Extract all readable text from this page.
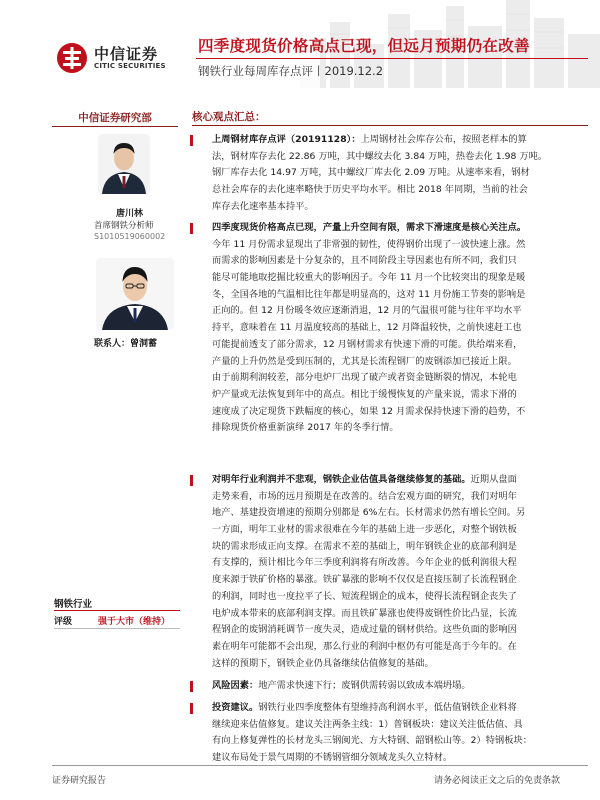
中信证券
CITIC SECURITIES
四季度现货价格高点已现，但远月预期仍在改善
钢铁行业每周库存点评丨2019.12.2
中信证券研究部
唐川林
首席钢铁分析师
S1010519060002
联系人：曾洞蓄
钢铁行业
评级	强于大市（维持）
核心观点汇总：
上周钢材库存点评（20191128）：上周钢材社会库存公布，按照老样本的算
法，钢材库存去化 22.86 万吨，其中螺纹去化 3.84 万吨，热卷去化 1.98 万吨。
钢厂库存去化 14.97 万吨，其中螺纹厂库去化 2.09 万吨。从速率来看，钢材
总社会库存的去化速率略快于历史平均水平。相比 2018 年同期，当前的社会
库存去化速率基本持平。
四季度现货价格高点已现，产量上升空间有限，需求下滑速度是核心关注点。
今年 11 月份需求显现出了非常强的韧性，使得钢价出现了一波快速上涨。然
而需求的影响因素是十分复杂的，且不同阶段主导因素也有所不同，我们只
能尽可能地取挖掘比较重大的影响因子。今年 11 月一个比较突出的现象是暖
冬，全国各地的气温相比往年都是明显高的，这对 11 月份施工节奏的影响是
正向的。但 12 月份暖冬效应逐渐消退，12 月的气温很可能与往年平均水平
持平，意味着在 11 月温度较高的基础上，12 月降温较快，之前快速赶工也
可能提前透支了部分需求，12 月钢材需求有快速下滑的可能。供给端来看，
产量的上升仍然是受到压制的，尤其是长流程钢厂的废钢添加已接近上限。
由于前期利润较差，部分电炉厂出现了破产或者资金链断裂的情况，本轮电
炉产量或无法恢复到年中的高点。相比于缓慢恢复的产量来说，需求下滑的
速度成了决定现货下跌幅度的核心，如果 12 月需求保持快速下滑的趋势，不
排除现货价格重新演绎 2017 年的冬季行情。
对明年行业利润并不悲观，钢铁企业估值具备继续修复的基础。近期从盘面
走势来看，市场的远月预期是在改善的。结合宏观方面的研究，我们对明年
地产、基建投资增速的预期分别都是 6%左右。长材需求仍然有增长空间。另
一方面，明年工业材的需求很难在今年的基础上进一步恶化，对整个钢铁板
块的需求形成正向支撑。在需求不差的基础上，明年钢铁企业的底部利润是
有支撑的，预计相比今年三季度利润将有所改善。今年企业的低利润很大程
度来源于铁矿价格的暴涨。铁矿暴涨的影响不仅仅是直接压制了长流程钢企
的利润，同时也一度拉平了长、短流程钢企的成本，使得长流程钢企丧失了
电炉成本带来的底部利润支撑。而且铁矿暴涨也使得废钢性价比凸显，长流
程钢企的废钢消耗调节一度失灵，造成过量的钢材供给。这些负面的影响因
素在明年可能都不会出现，那么行业的利润中枢仍有可能是高于今年的。在
这样的预期下，钢铁企业仍具备继续估值修复的基础。
风险因素：地产需求快速下行；废钢供需转弱以致成本端坍塌。
投资建议。钢铁行业四季度整体有望维持高利润水平，低估值钢铁企业料将
继续迎来估值修复。建议关注两条主线：1）普钢板块：建议关注低估值、具
有向上修复弹性的长材龙头三钢闽光、方大特钢、韶钢松山等。2）特钢板块：
建议布局处于景气周期的不锈钢管细分领域龙头久立特材。
证券研究报告	请务必阅读正文之后的免责条款
